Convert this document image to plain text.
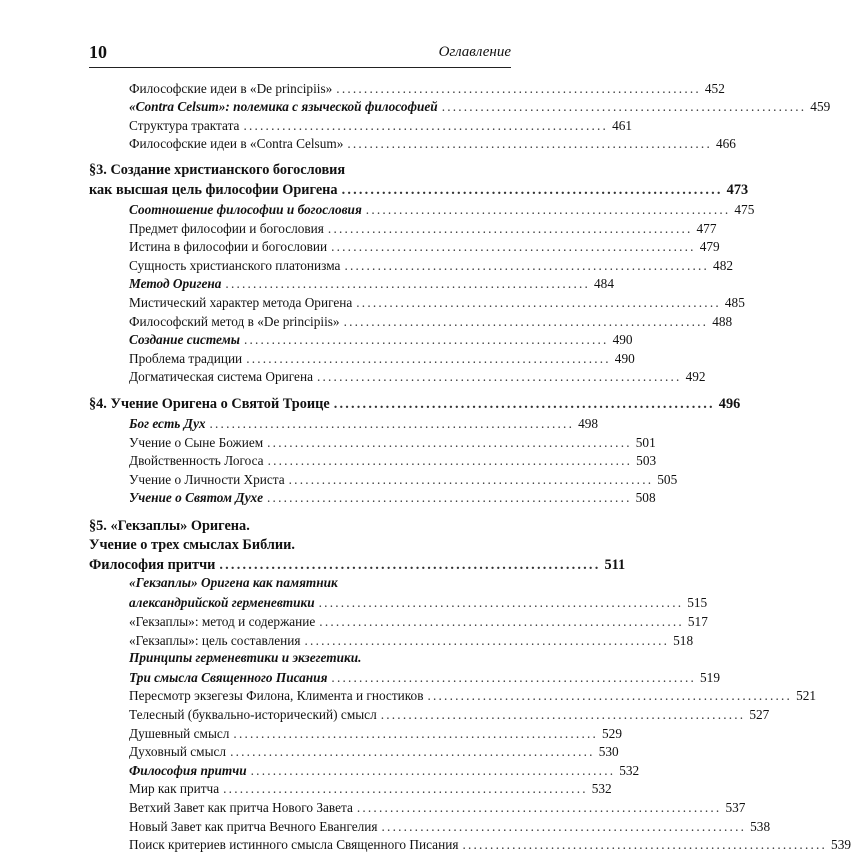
10	Оглавление
Философские идеи в «De principiis» .................................................................. 452
«Contra Celsum»: полемика с языческой философией .................................................................. 459
Структура трактата .................................................................. 461
Философские идеи в «Contra Celsum» .................................................................. 466
§3. Создание христианского богословия
как высшая цель философии Оригена .................................................................. 473
Соотношение философии и богословия .................................................................. 475
Предмет философии и богословия .................................................................. 477
Истина в философии и богословии .................................................................. 479
Сущность христианского платонизма .................................................................. 482
Метод Оригена .................................................................. 484
Мистический характер метода Оригена .................................................................. 485
Философский метод в «De principiis» .................................................................. 488
Создание системы .................................................................. 490
Проблема традиции .................................................................. 490
Догматическая система Оригена .................................................................. 492
§4. Учение Оригена о Святой Троице .................................................................. 496
Бог есть Дух .................................................................. 498
Учение о Сыне Божием .................................................................. 501
Двойственность Логоса .................................................................. 503
Учение о Личности Христа .................................................................. 505
Учение о Святом Духе .................................................................. 508
§5. «Гекзаплы» Оригена.
Учение о трех смыслах Библии.
Философия притчи .................................................................. 511
«Гекзаплы» Оригена как памятник
александрийской герменевтики .................................................................. 515
«Гекзаплы»: метод и содержание .................................................................. 517
«Гекзаплы»: цель составления .................................................................. 518
Принципы герменевтики и экзегетики.
Три смысла Священного Писания .................................................................. 519
Пересмотр экзегезы Филона, Климента и гностиков .................................................................. 521
Телесный (буквально-исторический) смысл .................................................................. 527
Душевный смысл .................................................................. 529
Духовный смысл .................................................................. 530
Философия притчи .................................................................. 532
Мир как притча .................................................................. 532
Ветхий Завет как притча Нового Завета .................................................................. 537
Новый Завет как притча Вечного Евангелия .................................................................. 538
Поиск критериев истинного смысла Священного Писания .................................................................. 539
